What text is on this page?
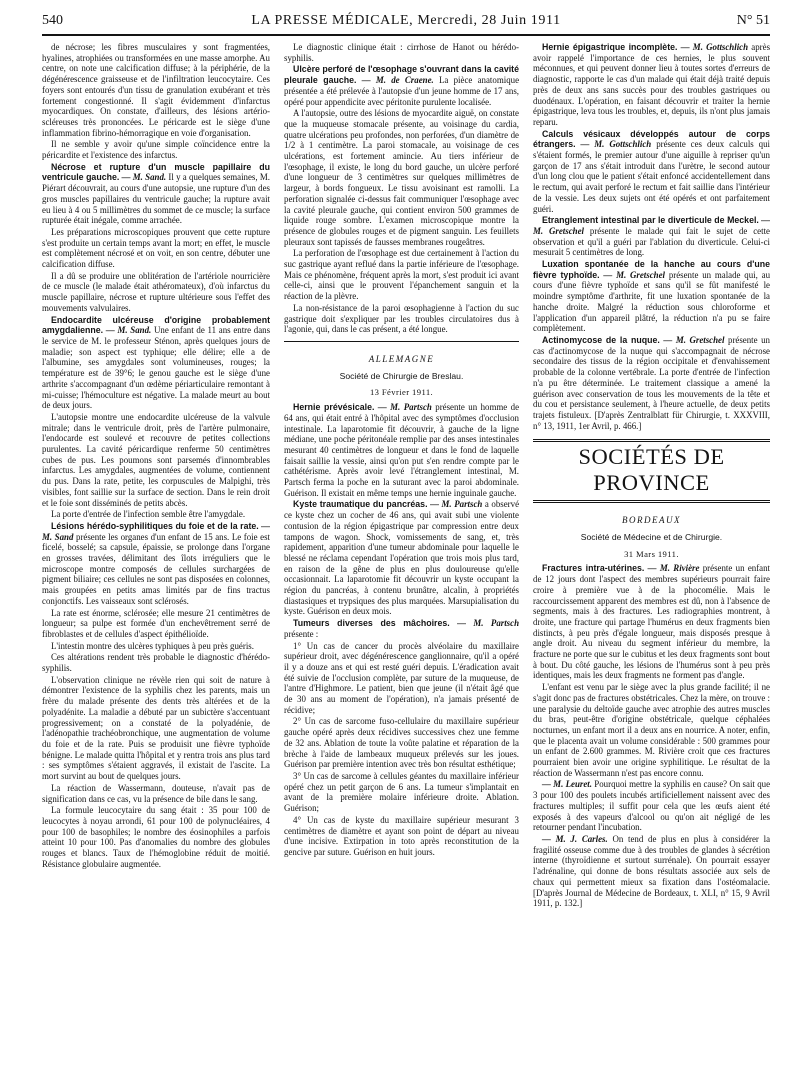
540	LA PRESSE MÉDICALE, Mercredi, 28 Juin 1911	N° 51

de nécrose; les fibres musculaires y sont fragmentées, hyalines, atrophiées ou transformées en une masse amorphe. Au centre, on note une calcification diffuse; à la périphérie, de la dégénérescence graisseuse et de l'infiltration leucocytaire. Ces foyers sont entourés d'un tissu de granulation exubérant et très fortement congestionné. Il s'agit évidemment d'infarctus myocardiques. On constate, d'ailleurs, des lésions artério-scléreuses très prononcées. Le péricarde est le siège d'une inflammation fibrino-hémorragique en voie d'organisation.

Il ne semble y avoir qu'une simple coïncidence entre la péricardite et l'existence des infarctus.

Nécrose et rupture d'un muscle papillaire du ventricule gauche. — M. Sand. Il y a quelques semaines, M. Piérart découvrait, au cours d'une autopsie, une rupture d'un des gros muscles papillaires du ventricule gauche; la rupture avait eu lieu à 4 ou 5 millimètres du sommet de ce muscle; la surface rupturée était inégale, comme arrachée.

Les préparations microscopiques prouvent que cette rupture s'est produite un certain temps avant la mort; en effet, le muscle est complètement nécrosé et on voit, en son centre, débuter une calcification diffuse.

Il a dû se produire une oblitération de l'artériole nourricière de ce muscle (le malade était athéromateux), d'où infarctus du muscle papillaire, nécrose et rupture ultérieure sous l'effet des mouvements valvulaires.

Endocardite ulcéreuse d'origine probablement amygdalienne. — M. Sand. Une enfant de 11 ans entre dans le service de M. le professeur Sténon, après quelques jours de maladie; son aspect est typhique; elle délire; elle a de l'albumine, ses amygdales sont volumineuses, rouges; la température est de 39°6; le genou gauche est le siège d'une arthrite s'accompagnant d'un œdème périarticulaire remontant à mi-cuisse; l'hémoculture est négative. La malade meurt au bout de deux jours.

L'autopsie montre une endocardite ulcéreuse de la valvule mitrale; dans le ventricule droit, près de l'artère pulmonaire, l'endocarde est soulevé et recouvre de petites collections purulentes. La cavité péricardique renferme 50 centimètres cubes de pus. Les poumons sont parsemés d'innombrables infarctus. Les amygdales, augmentées de volume, contiennent du pus. Dans la rate, petite, les corpuscules de Malpighi, très visibles, font saillie sur la surface de section. Dans le rein droit et le foie sont disséminés de petits abcès.

La porte d'entrée de l'infection semble être l'amygdale.

Lésions hérédo-syphilitiques du foie et de la rate. — M. Sand présente les organes d'un enfant de 15 ans. Le foie est ficelé, bosselé; sa capsule, épaissie, se prolonge dans l'organe en grosses travées, délimitant des îlots irréguliers que le microscope montre composés de cellules surchargées de pigment biliaire; ces cellules ne sont pas disposées en colonnes, mais groupées en petits amas limités par de fins tractus conjonctifs. Les vaisseaux sont sclérosés.

La rate est énorme, sclérosée; elle mesure 21 centimètres de longueur; sa pulpe est formée d'un enchevêtrement serré de fibroblastes et de cellules d'aspect épithélioïde.

L'intestin montre des ulcères typhiques à peu près guéris.

Ces altérations rendent très probable le diagnostic d'hérédo-syphilis.

L'observation clinique ne révèle rien qui soit de nature à démontrer l'existence de la syphilis chez les parents, mais un frère du malade présente des dents très altérées et de la polyadénite. La maladie a débuté par un subictère s'accentuant progressivement; on a constaté de la polyadénie, de l'adénopathie trachéobronchique, une augmentation de volume du foie et de la rate. Puis se produisit une fièvre typhoïde bénigne. Le malade quitta l'hôpital et y rentra trois ans plus tard : ses symptômes s'étaient aggravés, il existait de l'ascite. La mort survint au bout de quelques jours.

La réaction de Wassermann, douteuse, n'avait pas de signification dans ce cas, vu la présence de bile dans le sang.

La formule leucocytaire du sang était : 35 pour 100 de leucocytes à noyau arrondi, 61 pour 100 de polynucléaires, 4 pour 100 de basophiles; le nombre des éosinophiles a parfois atteint 10 pour 100. Pas d'anomalies du nombre des globules rouges et blancs. Taux de l'hémoglobine réduit de moitié. Résistance globulaire augmentée.

Le diagnostic clinique était : cirrhose de Hanot ou hérédo-syphilis.

Ulcère perforé de l'œsophage s'ouvrant dans la cavité pleurale gauche. — M. de Craene. La pièce anatomique présentée a été prélevée à l'autopsie d'un jeune homme de 17 ans, opéré pour appendicite avec péritonite purulente localisée.

A l'autopsie, outre des lésions de myocardite aiguë, on constate que la muqueuse stomacale présente, au voisinage du cardia, quatre ulcérations peu profondes, non perforées, d'un diamètre de 1/2 à 1 centimètre. La paroi stomacale, au voisinage de ces ulcérations, est fortement amincie. Au tiers inférieur de l'œsophage, il existe, le long du bord gauche, un ulcère perforé d'une longueur de 3 centimètres sur quelques millimètres de largeur, à bords fongueux. Le tissu avoisinant est ramolli. La perforation signalée ci-dessus fait communiquer l'œsophage avec la cavité pleurale gauche, qui contient environ 500 grammes de liquide rouge sombre. L'examen microscopique montre la présence de globules rouges et de pigment sanguin. Les feuillets pleuraux sont tapissés de fausses membranes rougeâtres.

La perforation de l'œsophage est due certainement à l'action du suc gastrique ayant reflué dans la partie inférieure de l'œsophage. Mais ce phénomène, fréquent après la mort, s'est produit ici avant celle-ci, ainsi que le prouvent l'épanchement sanguin et la réaction de la plèvre.

La non-résistance de la paroi œsophagienne à l'action du suc gastrique doit s'expliquer par les troubles circulatoires dus à l'agonie, qui, dans le cas présent, a été longue.

ALLEMAGNE

Société de Chirurgie de Breslau.

13 Février 1911.

Hernie prévésicale. — M. Partsch présente un homme de 64 ans, qui était entré à l'hôpital avec des symptômes d'occlusion intestinale. La laparotomie fit découvrir, à gauche de la ligne médiane, une poche péritonéale remplie par des anses intestinales mesurant 40 centimètres de longueur et dans le fond de laquelle faisait saillie la vessie, ainsi qu'on put s'en rendre compte par le cathétérisme. Après avoir levé l'étranglement intestinal, M. Partsch ferma la poche en la suturant avec la paroi abdominale. Guérison. Il existait en même temps une hernie inguinale gauche.

Kyste traumatique du pancréas. — M. Partsch a observé ce kyste chez un cocher de 46 ans, qui avait subi une violente contusion de la région épigastrique par compression entre deux tampons de wagon. Shock, vomissements de sang, et, très rapidement, apparition d'une tumeur abdominale pour laquelle le blessé ne réclama cependant l'opération que trois mois plus tard, en raison de la gêne de plus en plus douloureuse qu'elle occasionnait. La laparotomie fit découvrir un kyste occupant la région du pancréas, à contenu brunâtre, alcalin, à propriétés diastasiques et trypsiques des plus marquées. Marsupialisation du kyste. Guérison en deux mois.

Tumeurs diverses des mâchoires. — M. Partsch présente :

1° Un cas de cancer du procès alvéolaire du maxillaire supérieur droit, avec dégénérescence ganglionnaire, qu'il a opéré il y a douze ans et qui est resté guéri depuis. L'éradication avait été suivie de l'occlusion complète, par suture de la muqueuse, de l'antre d'Highmore. Le patient, bien que jeune (il n'était âgé que de 30 ans au moment de l'opération), n'a jamais présenté de récidive;

2° Un cas de sarcome fuso-cellulaire du maxillaire supérieur gauche opéré après deux récidives successives chez une femme de 32 ans. Ablation de toute la voûte palatine et réparation de la brèche à l'aide de lambeaux muqueux prélevés sur les joues. Guérison par première intention avec très bon résultat esthétique;

3° Un cas de sarcome à cellules géantes du maxillaire inférieur opéré chez un petit garçon de 6 ans. La tumeur s'implantait en avant de la première molaire inférieure droite. Ablation. Guérison;

4° Un cas de kyste du maxillaire supérieur mesurant 3 centimètres de diamètre et ayant son point de départ au niveau d'une incisive. Extirpation in toto après reconstitution de la gencive par suture. Guérison en huit jours.

Hernie épigastrique incomplète. — M. Gottschlich après avoir rappelé l'importance de ces hernies, le plus souvent méconnues, et qui peuvent donner lieu à toutes sortes d'erreurs de diagnostic, rapporte le cas d'un malade qui était déjà traité depuis près de deux ans sans succès pour des troubles gastriques ou duodénaux. L'opération, en faisant découvrir et traiter la hernie épigastrique, leva tous les troubles, et, depuis, ils n'ont plus jamais reparu.

Calculs vésicaux développés autour de corps étrangers. — M. Gottschlich présente ces deux calculs qui s'étaient formés, le premier autour d'une aiguille à repriser qu'un garçon de 17 ans s'était introduit dans l'urètre, le second autour d'un long clou que le patient s'était enfoncé accidentellement dans le rectum, qui avait perforé le rectum et fait saillie dans l'intérieur de la vessie. Les deux sujets ont été opérés et ont parfaitement guéri.

Etranglement intestinal par le diverticule de Meckel. — M. Gretschel présente le malade qui fait le sujet de cette observation et qu'il a guéri par l'ablation du diverticule. Celui-ci mesurait 5 centimètres de long.

Luxation spontanée de la hanche au cours d'une fièvre typhoïde. — M. Gretschel présente un malade qui, au cours d'une fièvre typhoïde et sans qu'il se fût manifesté le moindre symptôme d'arthrite, fit une luxation spontanée de la hanche droite. Malgré la réduction sous chloroforme et l'application d'un appareil plâtré, la réduction n'a pu se faire complètement.

Actinomycose de la nuque. — M. Gretschel présente un cas d'actinomycose de la nuque qui s'accompagnait de nécrose secondaire des tissus de la région occipitale et d'envahissement probable de la colonne vertébrale. La porte d'entrée de l'infection n'a pu être déterminée. Le traitement classique a amené la guérison avec conservation de tous les mouvements de la tête et du cou et persistance seulement, à l'heure actuelle, de deux petits trajets fistuleux. [D'après Zentralblatt für Chirurgie, t. XXXVIII, n° 13, 1911, 1er Avril, p. 466.]

SOCIÉTÉS DE PROVINCE

BORDEAUX

Société de Médecine et de Chirurgie.

31 Mars 1911.

Fractures intra-utérines. — M. Rivière présente un enfant de 12 jours dont l'aspect des membres supérieurs pourrait faire croire à première vue à de la phocomélie. Mais le raccourcissement apparent des membres est dû, non à l'absence de segments, mais à des fractures. Les radiographies montrent, à droite, une fracture qui partage l'humérus en deux fragments bien distincts, à peu près d'égale longueur, mais disposés presque à angle droit. Au niveau du segment inférieur du membre, la fracture ne porte que sur le cubitus et les deux fragments sont bout à bout. Du côté gauche, les lésions de l'humérus sont à peu près identiques, mais les deux fragments ne forment pas d'angle.

L'enfant est venu par le siège avec la plus grande facilité; il ne s'agit donc pas de fractures obstétricales. Chez la mère, on trouve : une paralysie du deltoïde gauche avec atrophie des autres muscles du bras, peut-être d'origine obstétricale, quelque céphalées nocturnes, un enfant mort il a deux ans en nourrice. A noter, enfin, que le placenta avait un volume considérable : 500 grammes pour un enfant de 2.600 grammes. M. Rivière croit que ces fractures pourraient bien avoir une origine syphilitique. Le résultat de la réaction de Wassermann n'est pas encore connu.

— M. Leuret. Pourquoi mettre la syphilis en cause? On sait que 3 pour 100 des poulets incubés artificiellement naissent avec des fractures multiples; il suffit pour cela que les œufs aient été exposés à des vapeurs d'alcool ou qu'on ait négligé de les retourner pendant l'incubation.

— M. J. Carles. On tend de plus en plus à considérer la fragilité osseuse comme due à des troubles de glandes à sécrétion interne (thyroïdienne et surtout surrénale). On pourrait essayer l'adrénaline, qui donne de bons résultats associée aux sels de chaux qui permettent mieux sa fixation dans l'ostéomalacie. [D'après Journal de Médecine de Bordeaux, t. XLI, n° 15, 9 Avril 1911, p. 132.]
